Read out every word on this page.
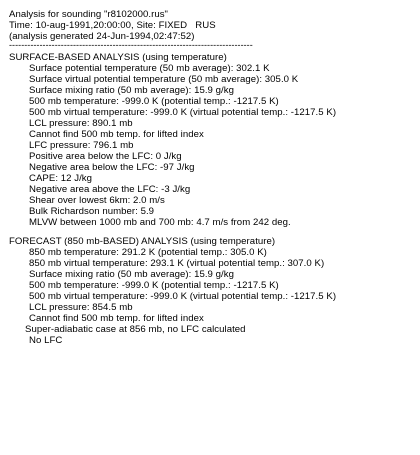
Analysis for sounding "r8102000.rus"
Time: 10-aug-1991,20:00:00, Site: FIXED   RUS
(analysis generated 24-Jun-1994,02:47:52)
--------------------------------------------------------------------------------
SURFACE-BASED ANALYSIS (using temperature)
Surface potential temperature (50 mb average): 302.1 K
Surface virtual potential temperature (50 mb average): 305.0 K
Surface mixing ratio (50 mb average): 15.9 g/kg
500 mb temperature: -999.0 K (potential temp.: -1217.5 K)
500 mb virtual temperature: -999.0 K (virtual potential temp.: -1217.5 K)
LCL pressure: 890.1 mb
Cannot find 500 mb temp. for lifted index
LFC pressure: 796.1 mb
Positive area below the LFC: 0 J/kg
Negative area below the LFC: -97 J/kg
CAPE: 12 J/kg
Negative area above the LFC: -3 J/kg
Shear over lowest 6km: 2.0 m/s
Bulk Richardson number: 5.9
MLVW between 1000 mb and 700 mb: 4.7 m/s from 242 deg.
FORECAST (850 mb-BASED) ANALYSIS (using temperature)
850 mb temperature: 291.2 K (potential temp.: 305.0 K)
850 mb virtual temperature: 293.1 K (virtual potential temp.: 307.0 K)
Surface mixing ratio (50 mb average): 15.9 g/kg
500 mb temperature: -999.0 K (potential temp.: -1217.5 K)
500 mb virtual temperature: -999.0 K (virtual potential temp.: -1217.5 K)
LCL pressure: 854.5 mb
Cannot find 500 mb temp. for lifted index
Super-adiabatic case at 856 mb, no LFC calculated
No LFC
